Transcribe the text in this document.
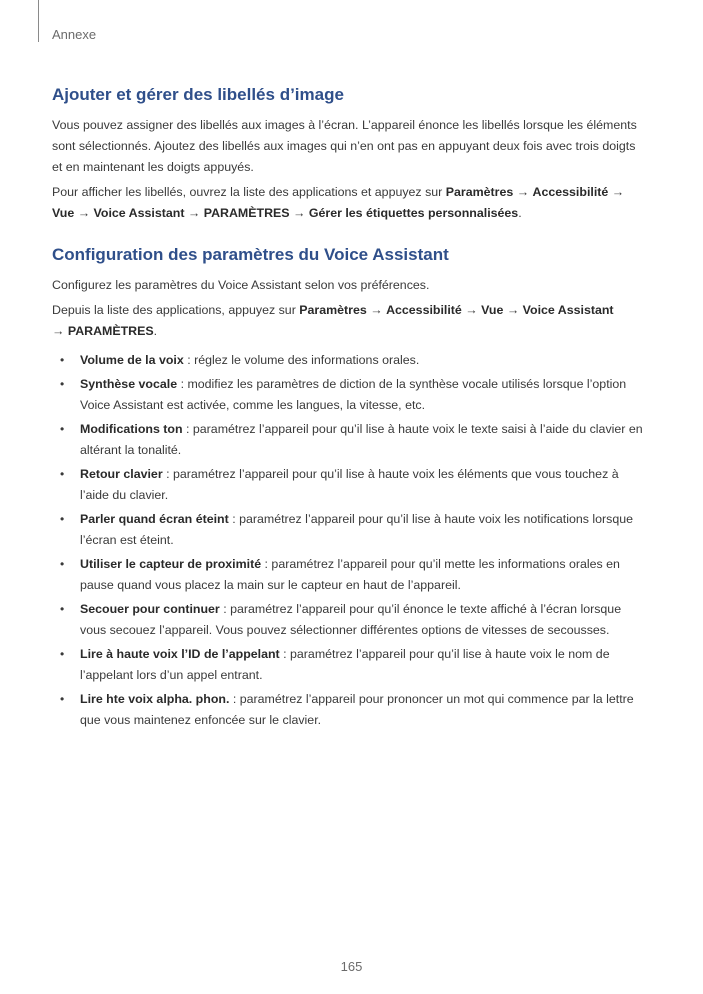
Annexe
Ajouter et gérer des libellés d’image

Vous pouvez assigner des libellés aux images à l’écran. L’appareil énonce les libellés lorsque les éléments sont sélectionnés. Ajoutez des libellés aux images qui n’en ont pas en appuyant deux fois avec trois doigts et en maintenant les doigts appuyés.

Pour afficher les libellés, ouvrez la liste des applications et appuyez sur Paramètres → Accessibilité → Vue → Voice Assistant → PARAMÈTRES → Gérer les étiquettes personnalisées.

Configuration des paramètres du Voice Assistant

Configurez les paramètres du Voice Assistant selon vos préférences.

Depuis la liste des applications, appuyez sur Paramètres → Accessibilité → Vue → Voice Assistant
→ PARAMÈTRES.

• Volume de la voix : réglez le volume des informations orales.
• Synthèse vocale : modifiez les paramètres de diction de la synthèse vocale utilisés lorsque l’option Voice Assistant est activée, comme les langues, la vitesse, etc.
• Modifications ton : paramétrez l’appareil pour qu’il lise à haute voix le texte saisi à l’aide du clavier en altérant la tonalité.
• Retour clavier : paramétrez l’appareil pour qu’il lise à haute voix les éléments que vous touchez à l’aide du clavier.
• Parler quand écran éteint : paramétrez l’appareil pour qu’il lise à haute voix les notifications lorsque l’écran est éteint.
• Utiliser le capteur de proximité : paramétrez l’appareil pour qu’il mette les informations orales en pause quand vous placez la main sur le capteur en haut de l’appareil.
• Secouer pour continuer : paramétrez l’appareil pour qu’il énonce le texte affiché à l’écran lorsque vous secouez l’appareil. Vous pouvez sélectionner différentes options de vitesses de secousses.
• Lire à haute voix l’ID de l’appelant : paramétrez l’appareil pour qu’il lise à haute voix le nom de l’appelant lors d’un appel entrant.
• Lire hte voix alpha. phon. : paramétrez l’appareil pour prononcer un mot qui commence par la lettre que vous maintenez enfoncée sur le clavier.
165
